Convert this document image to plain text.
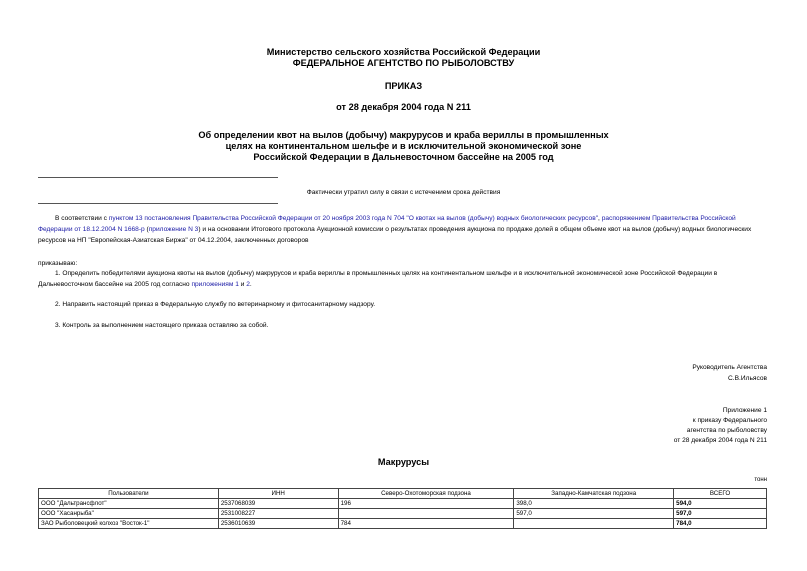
Министерство сельского хозяйства Российской Федерации
ФЕДЕРАЛЬНОЕ АГЕНТСТВО ПО РЫБОЛОВСТВУ
ПРИКАЗ
от 28 декабря 2004 года N 211
Об определении квот на вылов (добычу) макрурусов и краба вериллы в промышленных
целях на континентальном шельфе и в исключительной экономической зоне
Российской Федерации в Дальневосточном бассейне на 2005 год
Фактически утратил силу в связи с истечением срока действия
В соответствии с пунктом 13 постановления Правительства Российской Федерации от 20 ноября 2003 года N 704 "О квотах на вылов (добычу) водных биологических ресурсов", распоряжением Правительства Российской Федерации от 18.12.2004 N 1668-р (приложение N 3) и на основании Итогового протокола Аукционной комиссии о результатах проведения аукциона по продаже долей в общем объеме квот на вылов (добычу) водных биологических ресурсов на НП "Европейская-Азиатская Биржа" от 04.12.2004, заключенных договоров
приказываю:
1. Определить победителями аукциона квоты на вылов (добычу) макрурусов и краба вериллы в промышленных целях на континентальном шельфе и в исключительной экономической зоне Российской Федерации в Дальневосточном бассейне на 2005 год согласно приложениям 1 и 2.
2. Направить настоящий приказ в Федеральную службу по ветеринарному и фитосанитарному надзору.
3. Контроль за выполнением настоящего приказа оставляю за собой.
Руководитель Агентства
С.В.Ильясов
Приложение 1
к приказу Федерального
агентства по рыболовству
от 28 декабря 2004 года N 211
Макрурусы
тонн
Пользователи	ИНН	Северо-Охотоморская подзона	Западно-Камчатская подзона	ВСЕГО
ООО "Дальтрансфлот"	2537068039	196	398,0	594,0
ООО "Хасанрыба"	2531008227		597,0	597,0
ЗАО Рыболовецкий колхоз "Восток-1"	2536010639	784		784,0
